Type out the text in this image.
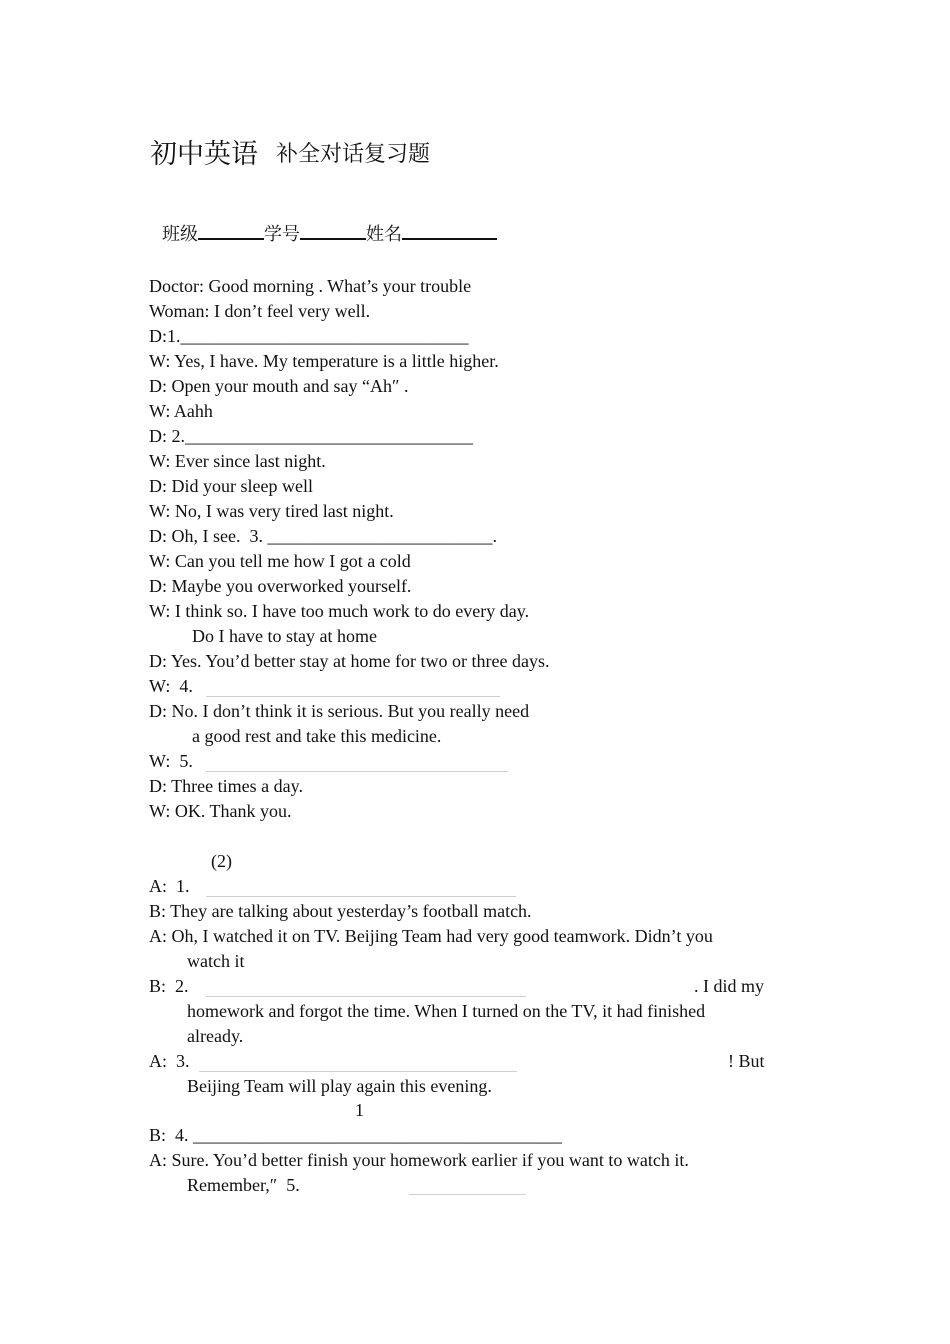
初中英语 补全对话复习题

班级	学号	姓名

Doctor: Good morning . What’s your trouble
Woman: I don’t feel very well.
D:1.________________________________
W: Yes, I have. My temperature is a little higher.
D: Open your mouth and say “Ah″ .
W: Aahh
D: 2.________________________________
W: Ever since last night.
D: Did your sleep well
W: No, I was very tired last night.
D: Oh, I see.  3. _________________________.
W: Can you tell me how I got a cold
D: Maybe you overworked yourself.
W: I think so. I have too much work to do every day.
Do I have to stay at home
D: Yes. You’d better stay at home for two or three days.
W:  4.
D: No. I don’t think it is serious. But you really need
a good rest and take this medicine.
W:  5.
D: Three times a day.
W: OK. Thank you.
(2)
A:  1.
B: They are talking about yesterday’s football match.
A: Oh, I watched it on TV. Beijing Team had very good teamwork. Didn’t you
watch it
B:  2.	. I did my
homework and forgot the time. When I turned on the TV, it had finished
already.
A:  3.	! But
Beijing Team will play again this evening.
1
B:  4. _________________________________________
A: Sure. You’d better finish your homework earlier if you want to watch it.
Remember,″  5.
